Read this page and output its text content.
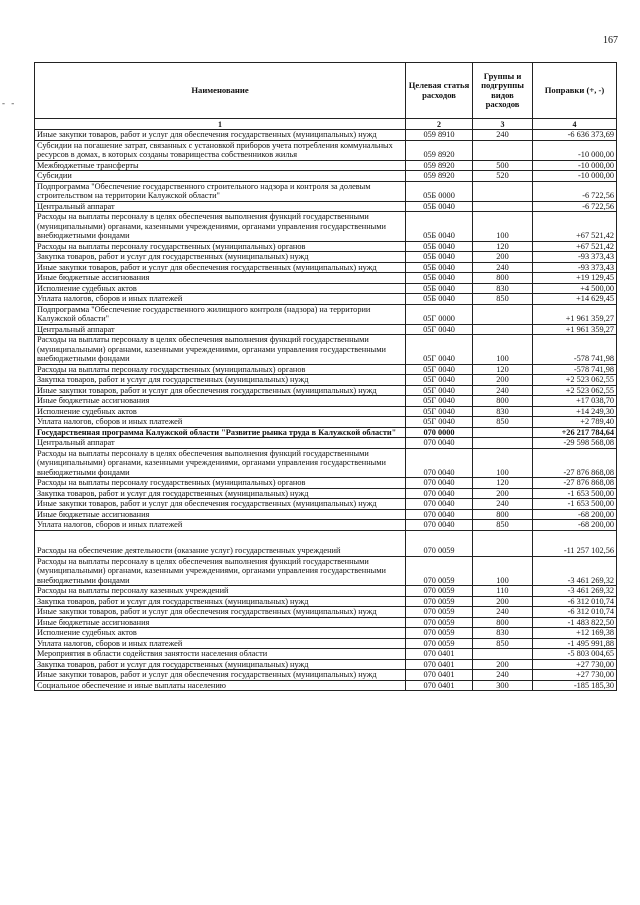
167
- -
Наименование	Целевая статья расходов	Группы и подгруппы видов расходов	Поправки (+, -)
1	2	3	4
Иные закупки товаров, работ и услуг для обеспечения государственных (муниципальных) нужд	059 8910	240	-6 636 373,69
Субсидии на погашение затрат, связанных с установкой приборов учета потребления коммунальных ресурсов в домах, в которых созданы товарищества собственников жилья	059 8920		-10 000,00
Межбюджетные трансферты	059 8920	500	-10 000,00
Субсидии	059 8920	520	-10 000,00
Подпрограмма "Обеспечение государственного строительного надзора и контроля за долевым строительством на территории Калужской области"	05Б 0000		-6 722,56
Центральный аппарат	05Б 0040		-6 722,56
Расходы на выплаты персоналу в целях обеспечения выполнения функций государственными (муниципальными) органами, казенными учреждениями, органами управления государственными внебюджетными фондами	05Б 0040	100	+67 521,42
Расходы на выплаты персоналу государственных (муниципальных) органов	05Б 0040	120	+67 521,42
Закупка товаров, работ и услуг для государственных (муниципальных) нужд	05Б 0040	200	-93 373,43
Иные закупки товаров, работ и услуг для обеспечения государственных (муниципальных) нужд	05Б 0040	240	-93 373,43
Иные бюджетные ассигнования	05Б 0040	800	+19 129,45
Исполнение судебных актов	05Б 0040	830	+4 500,00
Уплата налогов, сборов и иных платежей	05Б 0040	850	+14 629,45
Подпрограмма "Обеспечение государственного жилищного контроля (надзора) на территории Калужской области"	05Г 0000		+1 961 359,27
Центральный аппарат	05Г 0040		+1 961 359,27
Расходы на выплаты персоналу в целях обеспечения выполнения функций государственными (муниципальными) органами, казенными учреждениями, органами управления государственными внебюджетными фондами	05Г 0040	100	-578 741,98
Расходы на выплаты персоналу государственных (муниципальных) органов	05Г 0040	120	-578 741,98
Закупка товаров, работ и услуг для государственных (муниципальных) нужд	05Г 0040	200	+2 523 062,55
Иные закупки товаров, работ и услуг для обеспечения государственных (муниципальных) нужд	05Г 0040	240	+2 523 062,55
Иные бюджетные ассигнования	05Г 0040	800	+17 038,70
Исполнение судебных актов	05Г 0040	830	+14 249,30
Уплата налогов, сборов и иных платежей	05Г 0040	850	+2 789,40
Государственная программа Калужской области "Развитие рынка труда в Калужской области"	070 0000		+26 217 784,64
Центральный аппарат	070 0040		-29 598 568,08
Расходы на выплаты персоналу в целях обеспечения выполнения функций государственными (муниципальными) органами, казенными учреждениями, органами управления государственными внебюджетными фондами	070 0040	100	-27 876 868,08
Расходы на выплаты персоналу государственных (муниципальных) органов	070 0040	120	-27 876 868,08
Закупка товаров, работ и услуг для государственных (муниципальных) нужд	070 0040	200	-1 653 500,00
Иные закупки товаров, работ и услуг для обеспечения государственных (муниципальных) нужд	070 0040	240	-1 653 500,00
Иные бюджетные ассигнования	070 0040	800	-68 200,00
Уплата налогов, сборов и иных платежей	070 0040	850	-68 200,00
Расходы на обеспечение деятельности (оказание услуг) государственных учреждений	070 0059		-11 257 102,56
Расходы на выплаты персоналу в целях обеспечения выполнения функций государственными (муниципальными) органами, казенными учреждениями, органами управления государственными внебюджетными фондами	070 0059	100	-3 461 269,32
Расходы на выплаты персоналу казенных учреждений	070 0059	110	-3 461 269,32
Закупка товаров, работ и услуг для государственных (муниципальных) нужд	070 0059	200	-6 312 010,74
Иные закупки товаров, работ и услуг для обеспечения государственных (муниципальных) нужд	070 0059	240	-6 312 010,74
Иные бюджетные ассигнования	070 0059	800	-1 483 822,50
Исполнение судебных актов	070 0059	830	+12 169,38
Уплата налогов, сборов и иных платежей	070 0059	850	-1 495 991,88
Мероприятия в области содействия занятости населения области	070 0401		-5 803 004,65
Закупка товаров, работ и услуг для государственных (муниципальных) нужд	070 0401	200	+27 730,00
Иные закупки товаров, работ и услуг для обеспечения государственных (муниципальных) нужд	070 0401	240	+27 730,00
Социальное обеспечение и иные выплаты населению	070 0401	300	-185 185,30
